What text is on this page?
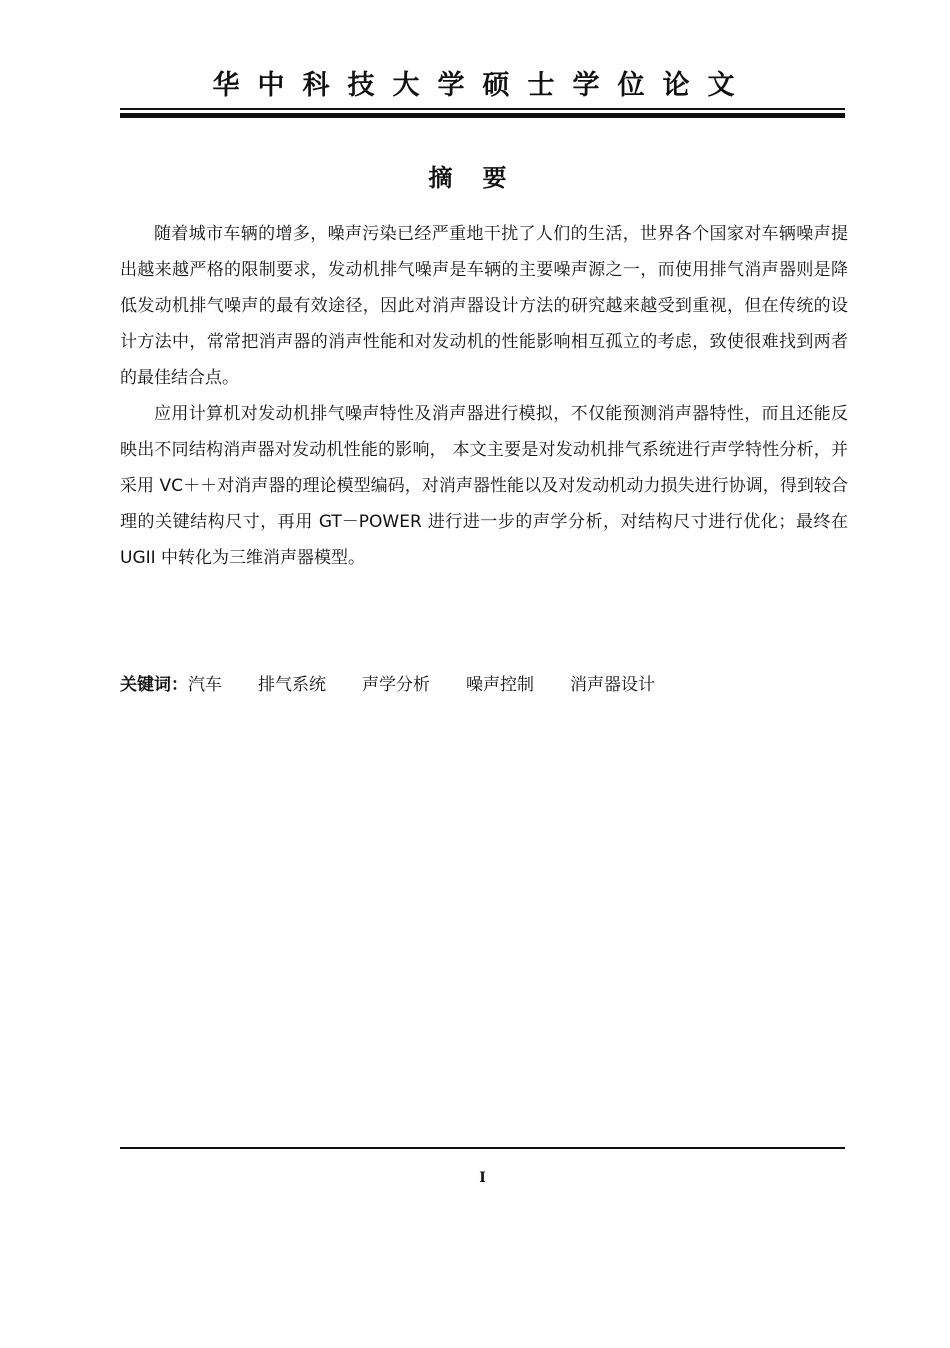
华中科技大学硕士学位论文
摘要

随着城市车辆的增多，噪声污染已经严重地干扰了人们的生活，世界各个国家对车辆噪声提出越来越严格的限制要求，发动机排气噪声是车辆的主要噪声源之一，而使用排气消声器则是降低发动机排气噪声的最有效途径，因此对消声器设计方法的研究越来越受到重视，但在传统的设计方法中，常常把消声器的消声性能和对发动机的性能影响相互孤立的考虑，致使很难找到两者的最佳结合点。

应用计算机对发动机排气噪声特性及消声器进行模拟，不仅能预测消声器特性，而且还能反映出不同结构消声器对发动机性能的影响， 本文主要是对发动机排气系统进行声学特性分析，并采用 VC＋＋对消声器的理论模型编码，对消声器性能以及对发动机动力损失进行协调，得到较合理的关键结构尺寸，再用 GT－POWER 进行进一步的声学分析，对结构尺寸进行优化；最终在 UGII 中转化为三维消声器模型。

关键词：汽车 排气系统 声学分析 噪声控制 消声器设计
I
